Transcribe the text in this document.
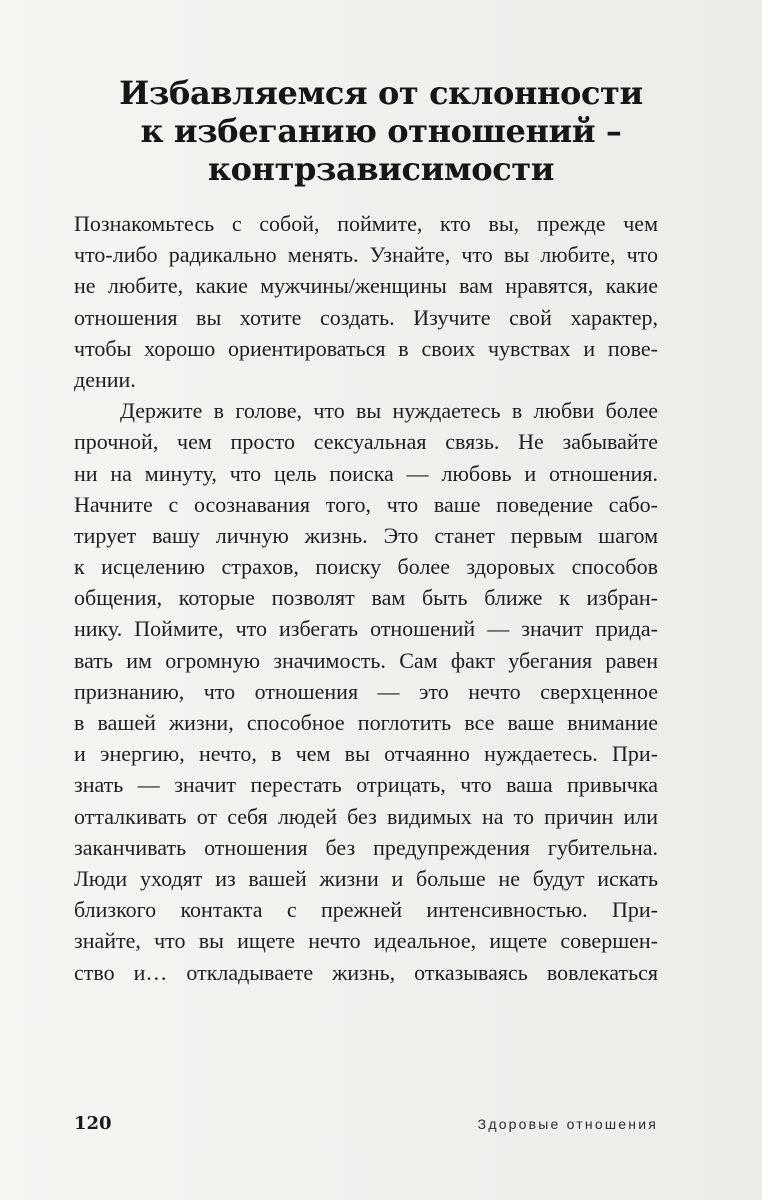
Избавляемся от склонности
к избеганию отношений –
контрзависимости
Познакомьтесь с собой, поймите, кто вы, прежде чем
что-либо радикально менять. Узнайте, что вы любите, что
не любите, какие мужчины/женщины вам нравятся, какие
отношения вы хотите создать. Изучите свой характер,
чтобы хорошо ориентироваться в своих чувствах и пове-
дении.
Держите в голове, что вы нуждаетесь в любви более
прочной, чем просто сексуальная связь. Не забывайте
ни на минуту, что цель поиска — любовь и отношения.
Начните с осознавания того, что ваше поведение сабо-
тирует вашу личную жизнь. Это станет первым шагом
к исцелению страхов, поиску более здоровых способов
общения, которые позволят вам быть ближе к избран-
нику. Поймите, что избегать отношений — значит прида-
вать им огромную значимость. Сам факт убегания равен
признанию, что отношения — это нечто сверхценное
в вашей жизни, способное поглотить все ваше внимание
и энергию, нечто, в чем вы отчаянно нуждаетесь. При-
знать — значит перестать отрицать, что ваша привычка
отталкивать от себя людей без видимых на то причин или
заканчивать отношения без предупреждения губительна.
Люди уходят из вашей жизни и больше не будут искать
близкого контакта с прежней интенсивностью. При-
знайте, что вы ищете нечто идеальное, ищете совершен-
ство и… откладываете жизнь, отказываясь вовлекаться
120	Здоровые отношения
